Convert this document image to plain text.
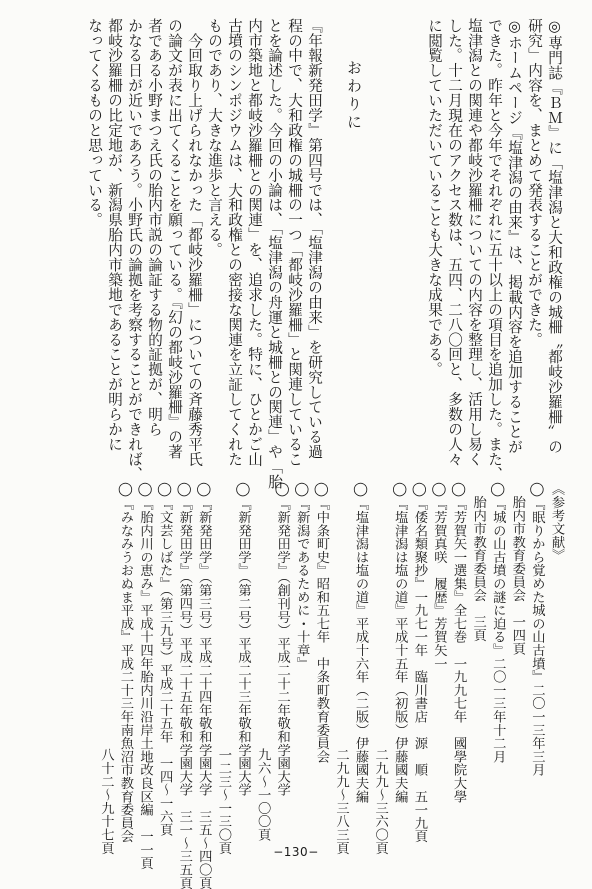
◎専門誌『ＢＭ』に「塩津潟と大和政権の城柵〝都岐沙羅柵〟の
研究」内容を、まとめて発表することができた。
◎ホームページ『塩津潟の由来』は、掲載内容を追加することが
できた。昨年と今年でそれぞれに五十以上の項目を追加した。また、
塩津潟との関連や都岐沙羅柵についての内容を整理し、活用し易く
した。十二月現在のアクセス数は、五四、二八〇回と、多数の人々
に閲覧していただいていることも大きな成果である。
おわりに
『年報新発田学』第四号では、「塩津潟の由来」を研究している過
程の中で、大和政権の城柵の一つ「都岐沙羅柵」と関連しているこ
とを論述した。今回の小論は、「塩津潟の舟運と城柵との関連」や「胎
内市築地と都岐沙羅柵との関連」を、追求した。特に、ひとかご山
古墳のシンポジウムは、大和政権との密接な関連を立証してくれた
ものであり、大きな進歩と言える。
　今回取り上げられなかった「都岐沙羅柵」についての斉藤秀平氏
の論文が表に出てくることを願っている。『幻の都岐沙羅柵』の著
者である小野まつえ氏の胎内市説の論証する物的証拠が、明ら
かなる日が近いであろう。小野氏の論拠を考察することができれば、
都岐沙羅柵の比定地が、新潟県胎内市築地であることが明らかに
なってくるものと思っている。
《参考文献》
◯『眠りから覚めた城の山古墳』二〇一三年三月
　胎内市教育委員会　一四頁
◯『城の山古墳の謎に迫る』二〇一三年十二月
　胎内市教育委員会　三頁
◯『芳賀矢一選集』全七巻　一九九七年　國學院大學
◯『芳賀真咲　履歴』芳賀矢一
◯『倭名類聚抄』一九七一年　臨川書店　源　順　五一九頁
◯『塩津潟は塩の道』平成十五年（初版）伊藤國夫編
　　　　　　　　　　　　　　　　　　　　二九九～三六〇頁
◯『塩津潟は塩の道』平成十六年（二版）伊藤國夫編
　　　　　　　　　　　　　　　　　　　　二九九～三八三頁
◯『中条町史』昭和五七年　中条町教育委員会
◯『新潟であるために・十章』
◯『新発田学』（創刊号）平成二十二年敬和学園大学
　　　　　　　　　　　　　　　　　　　　九六～一〇〇頁
◯『新発田学』（第二号）平成二十三年敬和学園大学
　　　　　　　　　　　　　　　　　　　　一二三～一三〇頁
◯『新発田学』（第三号）平成二十四年敬和学園大学　三五～四〇頁
◯『新発田学』（第四号）平成二十五年敬和学園大学　三一～三五頁
◯『文芸しばた』（第三九号）平成二十五年　一四～一六頁
◯『胎内川の恵み』平成十四年胎内川沿岸土地改良区編　一一頁
◯『みなみうおぬま平成』平成二十三年南魚沼市教育委員会
　　　　　　　　　　　　　　　　　　　　八十二～九十七頁	−130−
